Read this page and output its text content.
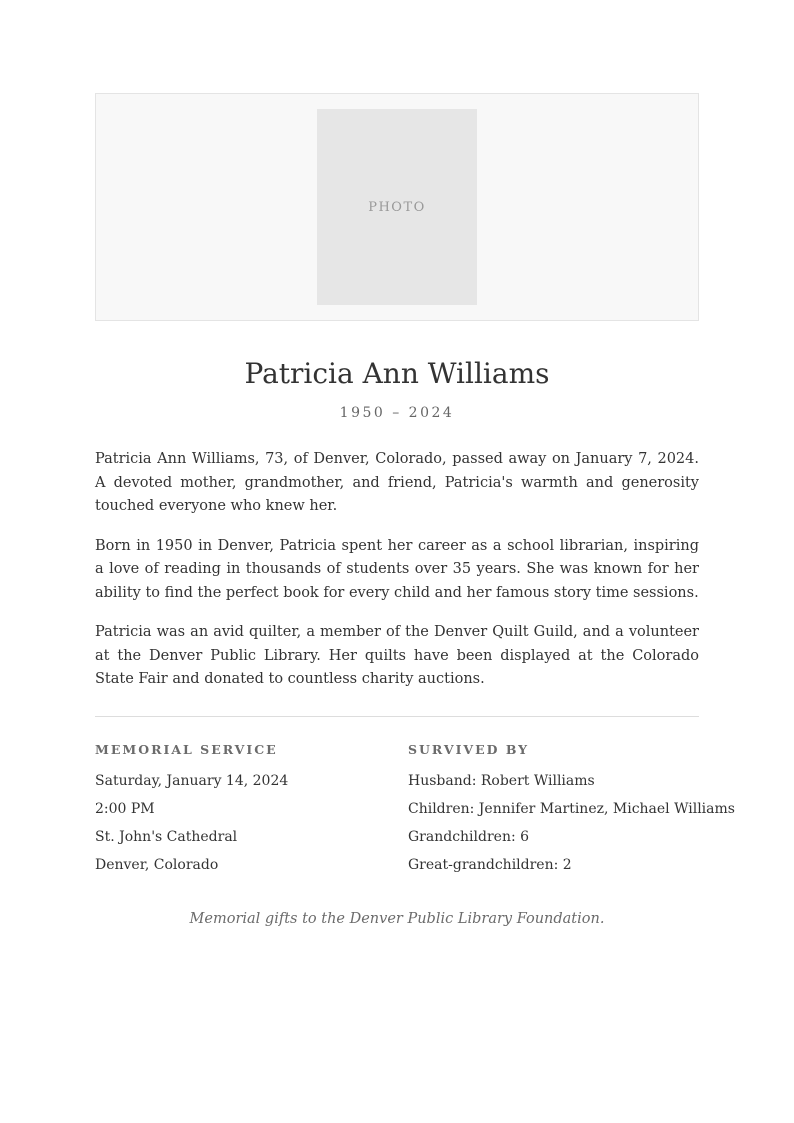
PHOTO
Patricia Ann Williams
1950 – 2024

Patricia Ann Williams, 73, of Denver, Colorado, passed away on January 7, 2024. A devoted mother, grandmother, and friend, Patricia's warmth and generosity touched everyone who knew her.

Born in 1950 in Denver, Patricia spent her career as a school librarian, inspiring a love of reading in thousands of students over 35 years. She was known for her ability to find the perfect book for every child and her famous story time sessions.

Patricia was an avid quilter, a member of the Denver Quilt Guild, and a volunteer at the Denver Public Library. Her quilts have been displayed at the Colorado State Fair and donated to countless charity auctions.

MEMORIAL SERVICE
Saturday, January 14, 2024
2:00 PM
St. John's Cathedral
Denver, Colorado
SURVIVED BY
Husband: Robert Williams
Children: Jennifer Martinez, Michael Williams
Grandchildren: 6
Great-grandchildren: 2

Memorial gifts to the Denver Public Library Foundation.
